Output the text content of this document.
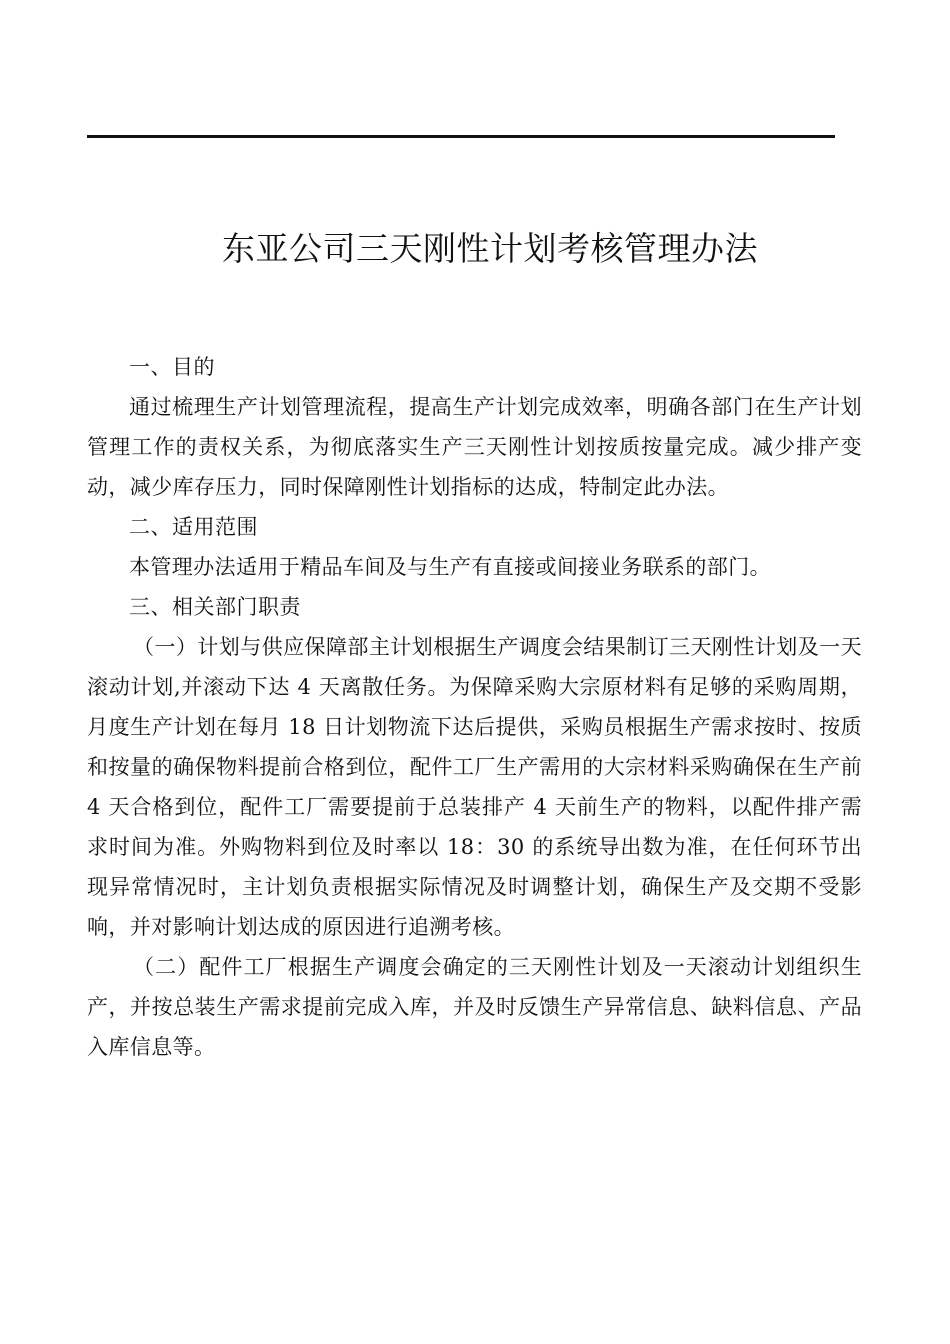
东亚公司三天刚性计划考核管理办法

一、目的

通过梳理生产计划管理流程，提高生产计划完成效率，明确各部门在生产计划管理工作的责权关系，为彻底落实生产三天刚性计划按质按量完成。减少排产变动，减少库存压力，同时保障刚性计划指标的达成，特制定此办法。

二、适用范围

本管理办法适用于精品车间及与生产有直接或间接业务联系的部门。

三、相关部门职责

（一）计划与供应保障部主计划根据生产调度会结果制订三天刚性计划及一天滚动计划,并滚动下达 4 天离散任务。为保障采购大宗原材料有足够的采购周期，月度生产计划在每月 18 日计划物流下达后提供，采购员根据生产需求按时、按质和按量的确保物料提前合格到位，配件工厂生产需用的大宗材料采购确保在生产前 4 天合格到位，配件工厂需要提前于总装排产 4 天前生产的物料，以配件排产需求时间为准。外购物料到位及时率以 18：30 的系统导出数为准，在任何环节出现异常情况时，主计划负责根据实际情况及时调整计划，确保生产及交期不受影响，并对影响计划达成的原因进行追溯考核。

（二）配件工厂根据生产调度会确定的三天刚性计划及一天滚动计划组织生产，并按总装生产需求提前完成入库，并及时反馈生产异常信息、缺料信息、产品入库信息等。
